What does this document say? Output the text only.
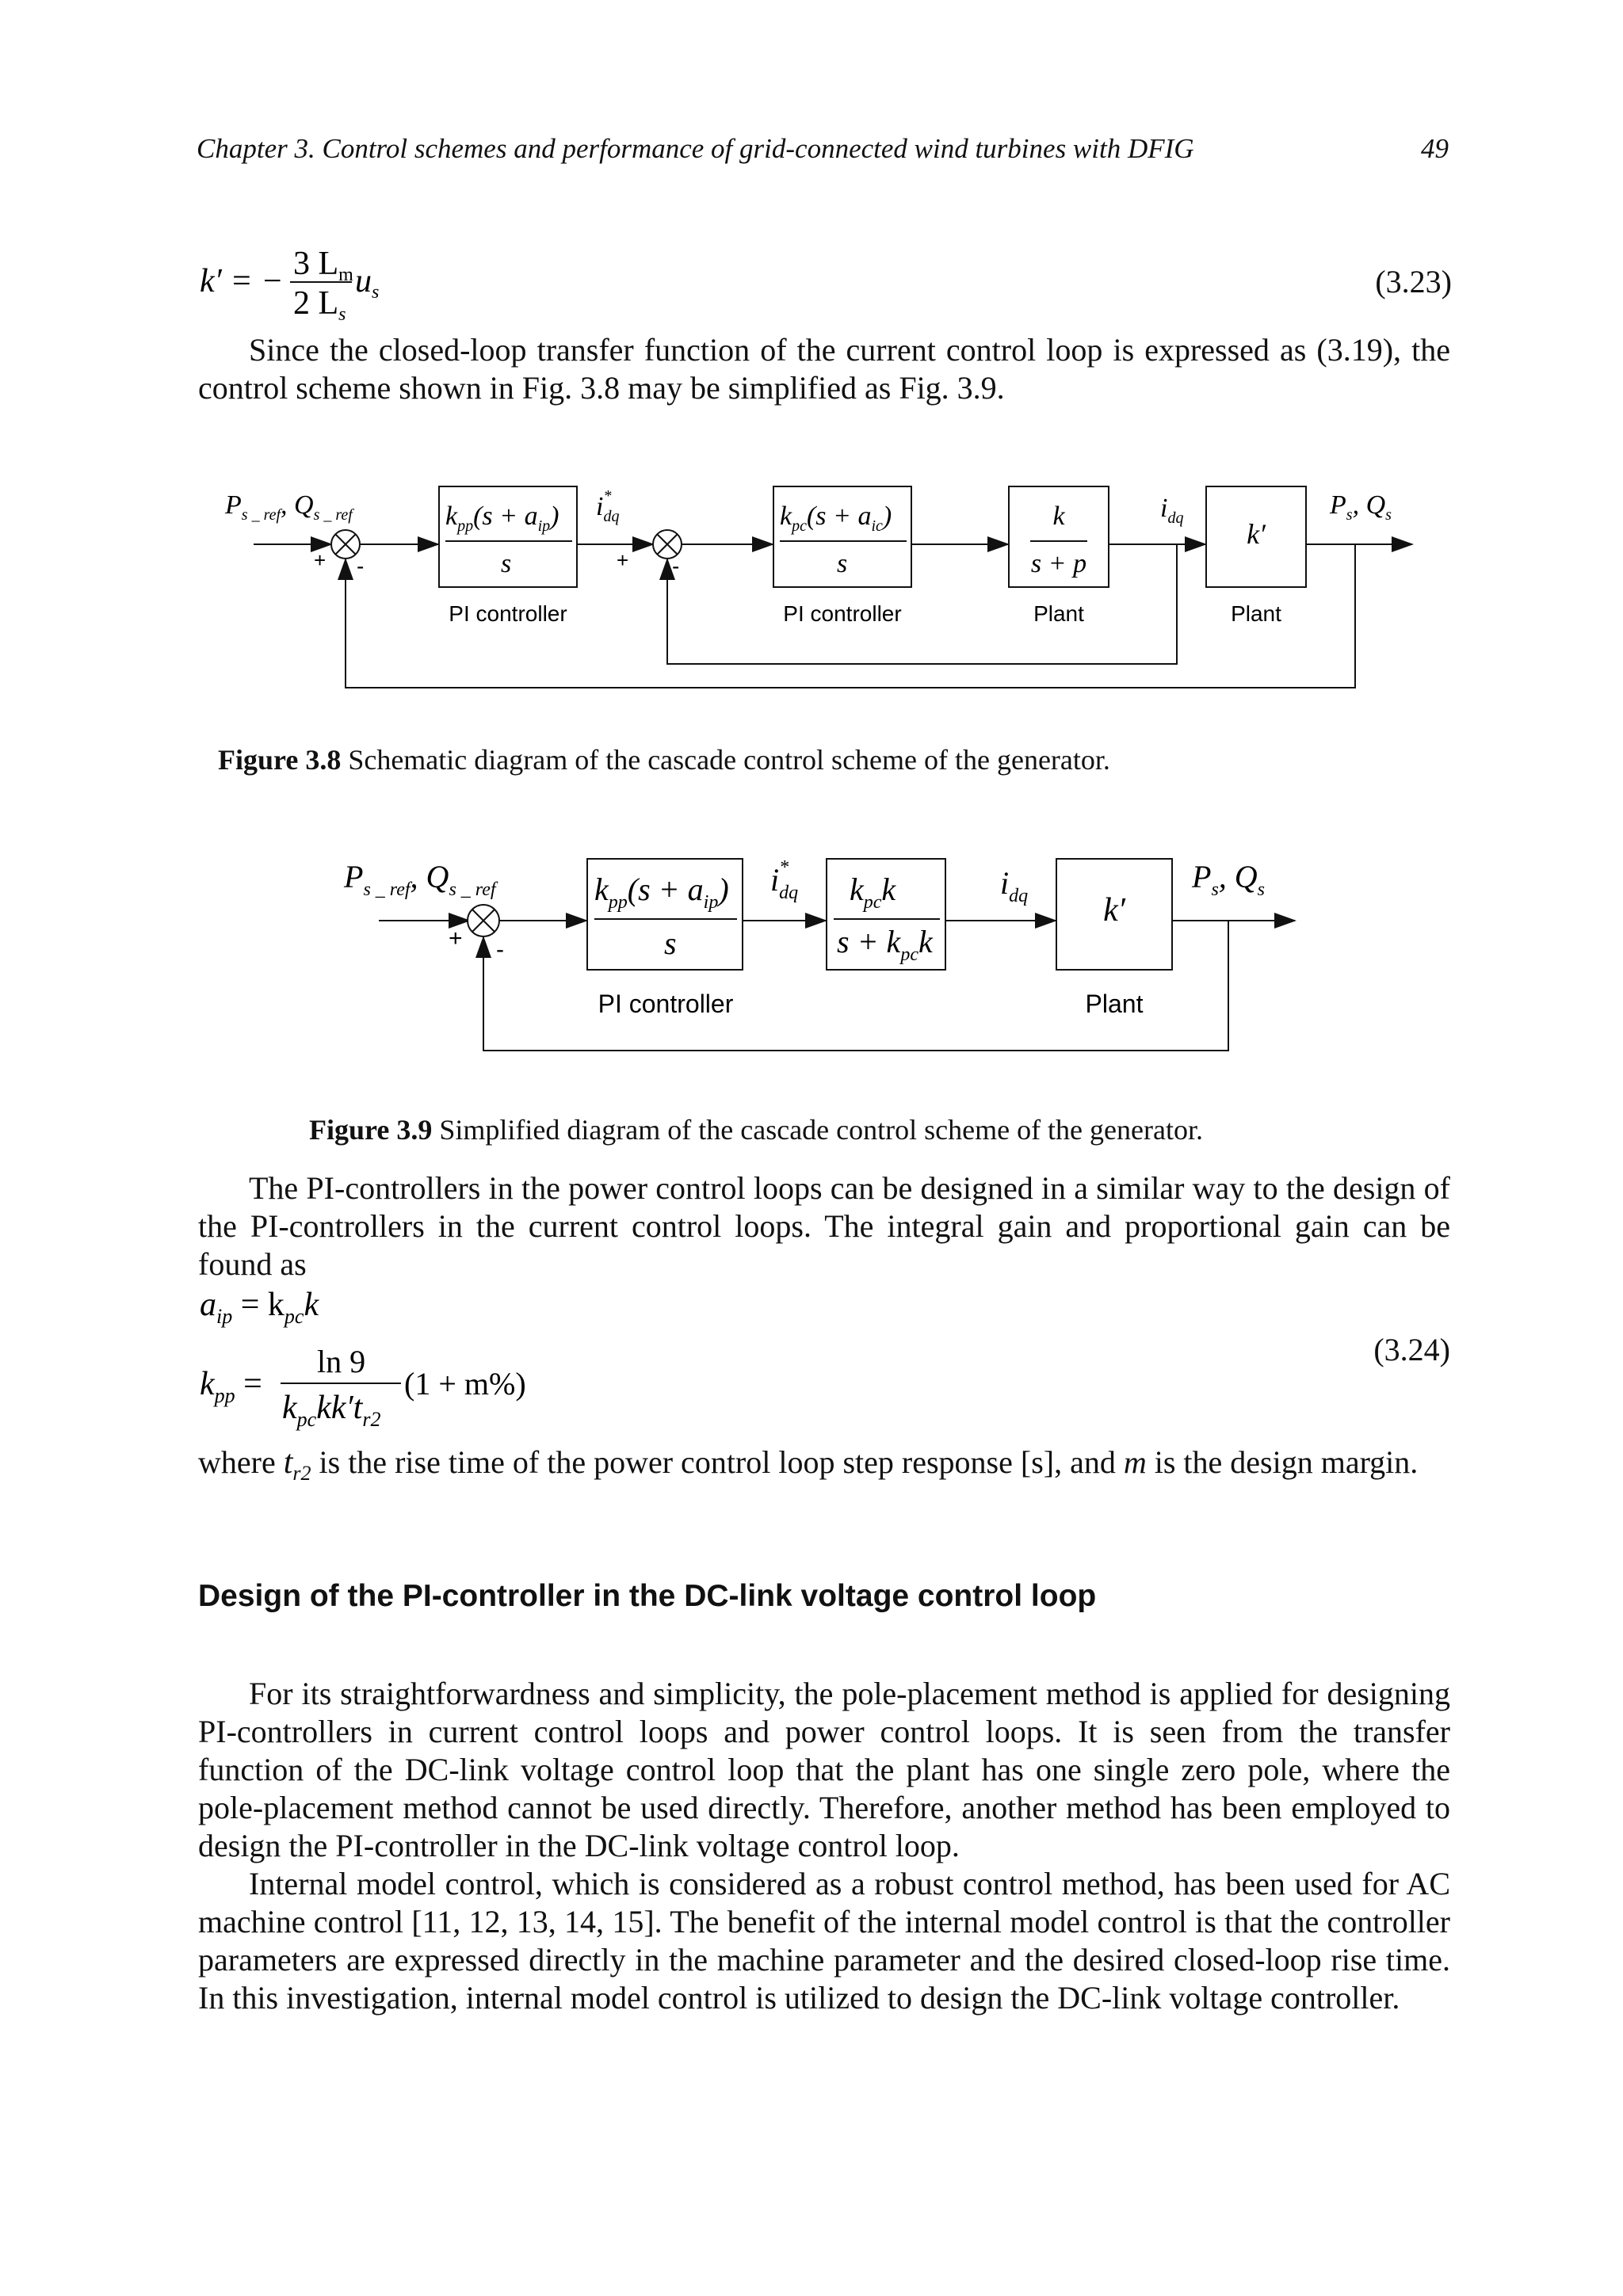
Chapter 3. Control schemes and performance of grid-connected wind turbines with DFIG	49
k′ = − 3 Lm
2 Ls
us	(3.23)
Since the closed-loop transfer function of the current control loop is expressed as (3.19), the control scheme shown in Fig. 3.8 may be simplified as Fig. 3.9.
$P_{s \_ ref}$, $Q_{s \_ ref}$
+ -
$k_{pp}(s + a_{ip})$
s
PI controller
i* dq
+ -
$k_{pc}(s + a_{ic})$
s
PI controller
k
s + p
Plant
$i_{dq}$ k′
Plant
$P_s$, $Q_s$
Figure 3.8 Schematic diagram of the cascade control scheme of the generator.
$P_{s \_ ref}$, $Q_{s \_ ref}$
+ -
$k_{pp}(s + a_{ip})$
s
PI controller
i* dq $k_{pc}k$
$s + k_{pc}k$
$i_{dq}$ k′
Plant
$P_s$, $Q_s$
Figure 3.9 Simplified diagram of the cascade control scheme of the generator.
The PI-controllers in the power control loops can be designed in a similar way to the design of the PI-controllers in the current control loops. The integral gain and proportional gain can be found as
$a_{ip} = k_{pc}k$
$k_{pp}$ =
ln 9
$k_{pc}kk't_{r2}$
(1 + m%)
(3.24)
where $t_{r2}$ is the rise time of the power control loop step response [s], and m is the design margin.
Design of the PI-controller in the DC-link voltage control loop
For its straightforwardness and simplicity, the pole-placement method is applied for designing PI-controllers in current control loops and power control loops. It is seen from the transfer function of the DC-link voltage control loop that the plant has one single zero pole, where the pole-placement method cannot be used directly. Therefore, another method has been employed to design the PI-controller in the DC-link voltage control loop.
Internal model control, which is considered as a robust control method, has been used for AC machine control [11, 12, 13, 14, 15]. The benefit of the internal model control is that the controller parameters are expressed directly in the machine parameter and the desired closed-loop rise time. In this investigation, internal model control is utilized to design the DC-link voltage controller.
